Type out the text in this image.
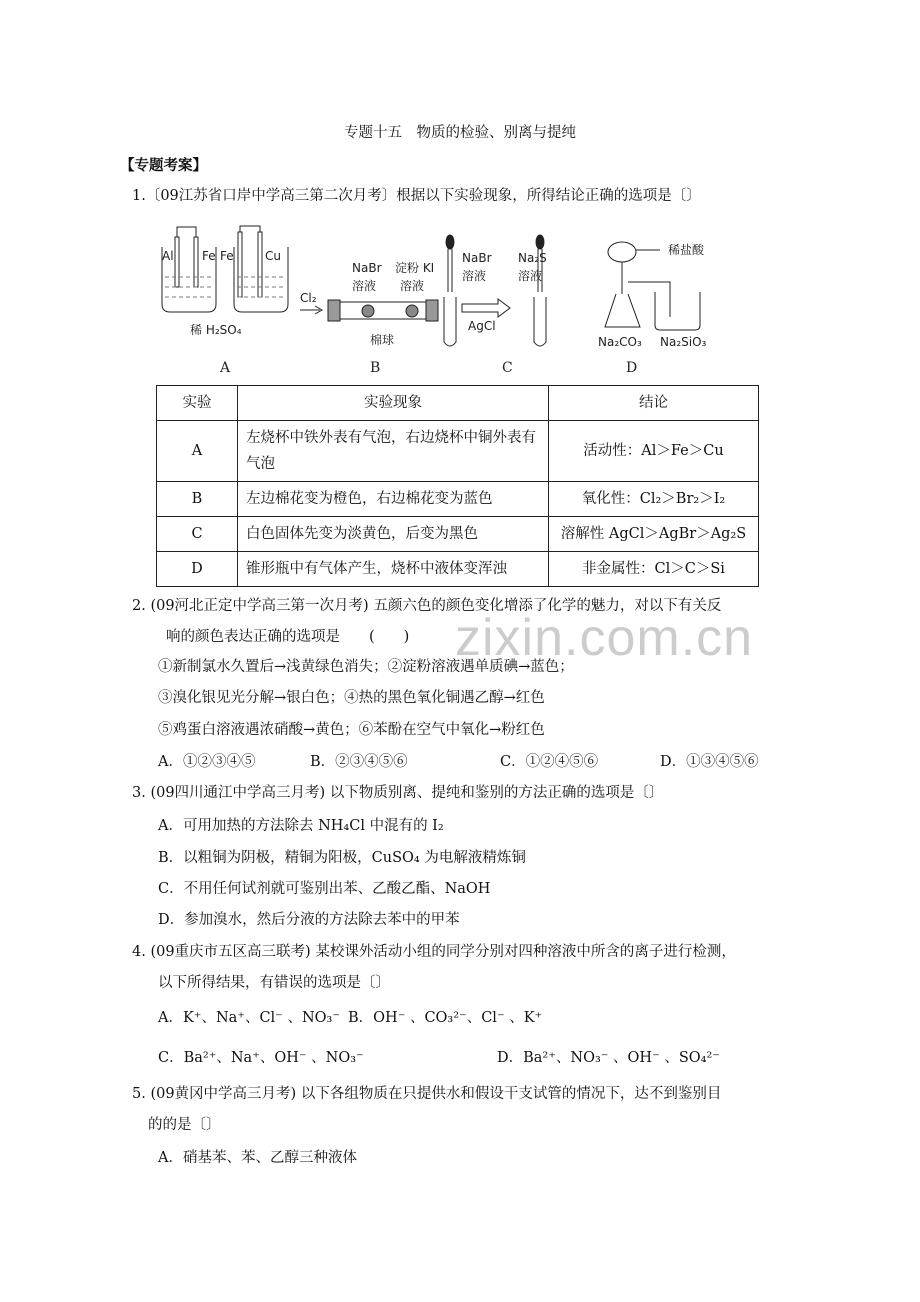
zixin.com.cn
专题十五　物质的检验、别离与提纯
【专题考案】
1.〔09江苏省口岸中学高三第二次月考〕根据以下实验现象，所得结论正确的选项是〔〕
Al Fe Fe	Cu
稀 H₂SO₄
Cl₂
NaBr
溶液
淀粉 KI
溶液
棉球
NaBr
溶液
Na₂S
溶液
AgCl
稀盐酸
Na₂CO₃ Na₂SiO₃
A	B	C	D
实验	实验现象	结论
A	左烧杯中铁外表有气泡，右边烧杯中铜外表有气泡	活动性：Al＞Fe＞Cu
B	左边棉花变为橙色，右边棉花变为蓝色	氧化性：Cl₂＞Br₂＞I₂
C	白色固体先变为淡黄色，后变为黑色	溶解性 AgCl＞AgBr＞Ag₂S
D	锥形瓶中有气体产生，烧杯中液体变浑浊	非金属性：Cl＞C＞Si
2. (09河北正定中学高三第一次月考) 五颜六色的颜色变化增添了化学的魅力，对以下有关反
响的颜色表达正确的选项是　　(　　)
①新制氯水久置后→浅黄绿色消失；②淀粉溶液遇单质碘→蓝色；
③溴化银见光分解→银白色；④热的黑色氧化铜遇乙醇→红色
⑤鸡蛋白溶液遇浓硝酸→黄色；⑥苯酚在空气中氧化→粉红色
A．①②③④⑤	B．②③④⑤⑥	C．①②④⑤⑥	D．①③④⑤⑥
3. (09四川通江中学高三月考) 以下物质别离、提纯和鉴别的方法正确的选项是〔〕
A．可用加热的方法除去 NH₄Cl 中混有的 I₂
B．以粗铜为阴极，精铜为阳极，CuSO₄ 为电解液精炼铜
C．不用任何试剂就可鉴别出苯、乙酸乙酯、NaOH
D．参加溴水，然后分液的方法除去苯中的甲苯
4. (09重庆市五区高三联考) 某校课外活动小组的同学分别对四种溶液中所含的离子进行检测，
以下所得结果，有错误的选项是〔〕
A．K⁺、Na⁺、Cl⁻ 、NO₃⁻ B．OH⁻ 、CO₃²⁻、Cl⁻ 、K⁺
C．Ba²⁺、Na⁺、OH⁻ 、NO₃⁻	D．Ba²⁺、NO₃⁻ 、OH⁻ 、SO₄²⁻
5. (09黄冈中学高三月考) 以下各组物质在只提供水和假设干支试管的情况下，达不到鉴别目
的的是〔〕
A．硝基苯、苯、乙醇三种液体
